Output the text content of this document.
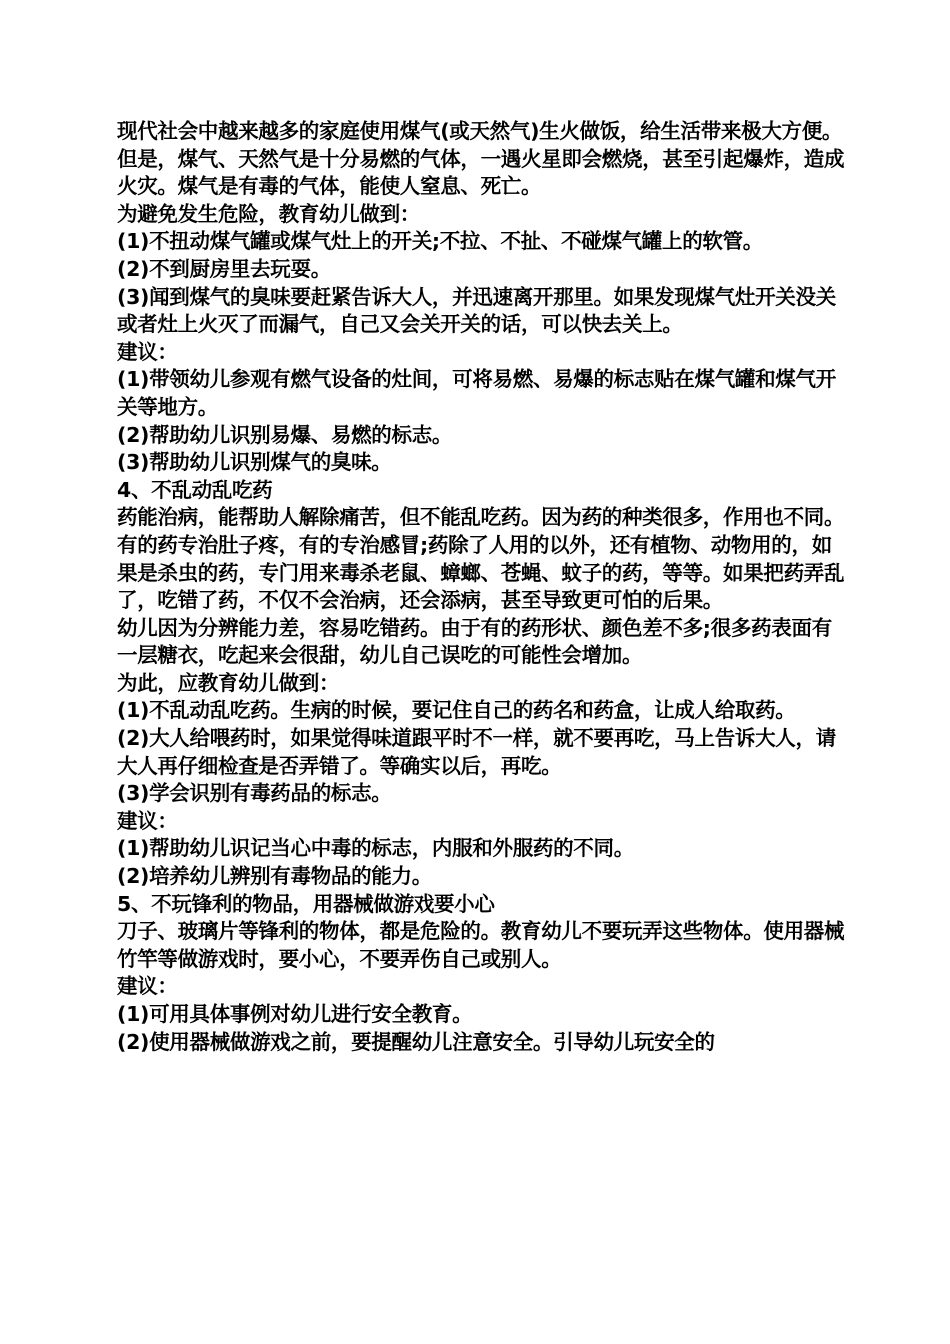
现代社会中越来越多的家庭使用煤气(或天然气)生火做饭，给生活带来极大方便。但是，煤气、天然气是十分易燃的气体，一遇火星即会燃烧，甚至引起爆炸，造成火灾。煤气是有毒的气体，能使人窒息、死亡。

为避免发生危险，教育幼儿做到：

(1)不扭动煤气罐或煤气灶上的开关;不拉、不扯、不碰煤气罐上的软管。

(2)不到厨房里去玩耍。

(3)闻到煤气的臭味要赶紧告诉大人，并迅速离开那里。如果发现煤气灶开关没关或者灶上火灭了而漏气，自己又会关开关的话，可以快去关上。

建议：

(1)带领幼儿参观有燃气设备的灶间，可将易燃、易爆的标志贴在煤气罐和煤气开关等地方。

(2)帮助幼儿识别易爆、易燃的标志。

(3)帮助幼儿识别煤气的臭味。

4、不乱动乱吃药

药能治病，能帮助人解除痛苦，但不能乱吃药。因为药的种类很多，作用也不同。有的药专治肚子疼，有的专治感冒;药除了人用的以外，还有植物、动物用的，如果是杀虫的药，专门用来毒杀老鼠、蟑螂、苍蝇、蚊子的药，等等。如果把药弄乱了，吃错了药，不仅不会治病，还会添病，甚至导致更可怕的后果。

幼儿因为分辨能力差，容易吃错药。由于有的药形状、颜色差不多;很多药表面有一层糖衣，吃起来会很甜，幼儿自己误吃的可能性会增加。

为此，应教育幼儿做到：

(1)不乱动乱吃药。生病的时候，要记住自己的药名和药盒，让成人给取药。

(2)大人给喂药时，如果觉得味道跟平时不一样，就不要再吃，马上告诉大人，请大人再仔细检查是否弄错了。等确实以后，再吃。

(3)学会识别有毒药品的标志。

建议：

(1)帮助幼儿识记当心中毒的标志，内服和外服药的不同。

(2)培养幼儿辨别有毒物品的能力。

5、不玩锋利的物品，用器械做游戏要小心

刀子、玻璃片等锋利的物体，都是危险的。教育幼儿不要玩弄这些物体。使用器械竹竿等做游戏时，要小心，不要弄伤自己或别人。

建议：

(1)可用具体事例对幼儿进行安全教育。

(2)使用器械做游戏之前，要提醒幼儿注意安全。引导幼儿玩安全的
